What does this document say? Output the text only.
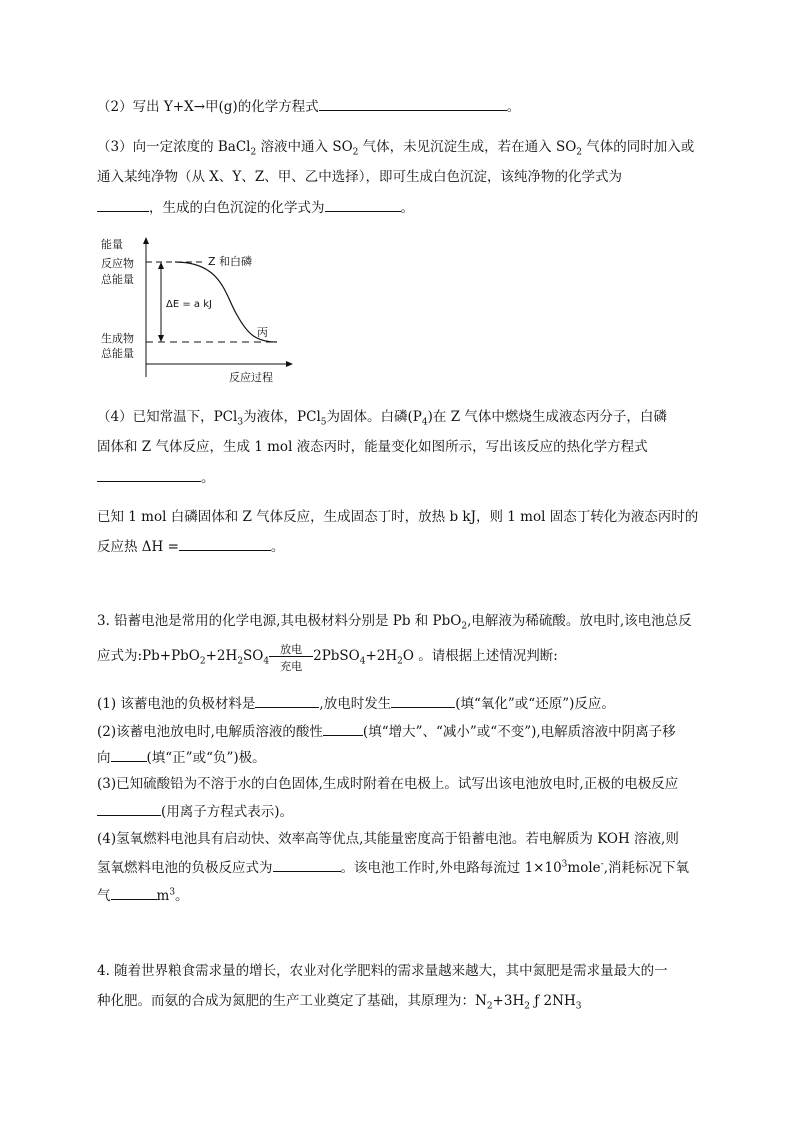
（2）写出 Y+X→甲(g)的化学方程式	。
（3）向一定浓度的 BaCl$_2$ 溶液中通入 $SO_2$ 气体，未见沉淀生成，若在通入 $SO_2$ 气体的同时加入或
通入某纯净物（从 X、Y、Z、甲、乙中选择），即可生成白色沉淀，该纯净物的化学式为
，生成的白色沉淀的化学式为	。
能量
反应物
总能量
生成物
总能量
- Z 和白磷
丙
ΔE = a kJ
反应过程
（4）已知常温下，PCl$_3$为液体，PCl$_5$为固体。白磷$(P_4)$在 Z 气体中燃烧生成液态丙分子，白磷
固体和 Z 气体反应，生成 1 mol 液态丙时，能量变化如图所示，写出该反应的热化学方程式
。
已知 1 mol 白磷固体和 Z 气体反应，生成固态丁时，放热 b kJ，则 1 mol 固态丁转化为液态丙时的
反应热 ΔH =	。
3. 铅蓄电池是常用的化学电源,其电极材料分别是 Pb 和 PbO$_2$,电解液为稀硫酸。放电时,该电池总反
应式为$:Pb+PbO_2+2H_2SO_4 \frac{\text{放电}}{\text{充电}}$ $2PbSO_4+2H_2O$ 。请根据上述情况判断:
(1) 该蓄电池的负极材料是	,放电时发生	(填“氧化”或“还原”)反应。
(2)该蓄电池放电时,电解质溶液的酸性	(填“增大”、“减小”或“不变”),电解质溶液中阴离子移
向	(填“正”或“负”)极。
(3)已知硫酸铅为不溶于水的白色固体,生成时附着在电极上。试写出该电池放电时,正极的电极反应
(用离子方程式表示)。
(4)氢氧燃料电池具有启动快、效率高等优点,其能量密度高于铅蓄电池。若电解质为 KOH 溶液,则
氢氧燃料电池的负极反应式为	。该电池工作时,外电路每流过 $1\times 10^3mole^-$,消耗标况下氧
气	$m^3$。
4. 随着世界粮食需求量的增长，农业对化学肥料的需求量越来越大，其中氮肥是需求量最大的一
种化肥。而氨的合成为氮肥的生产工业奠定了基础，其原理为：$N_2+3H_2$ ƒ $2NH_3$
